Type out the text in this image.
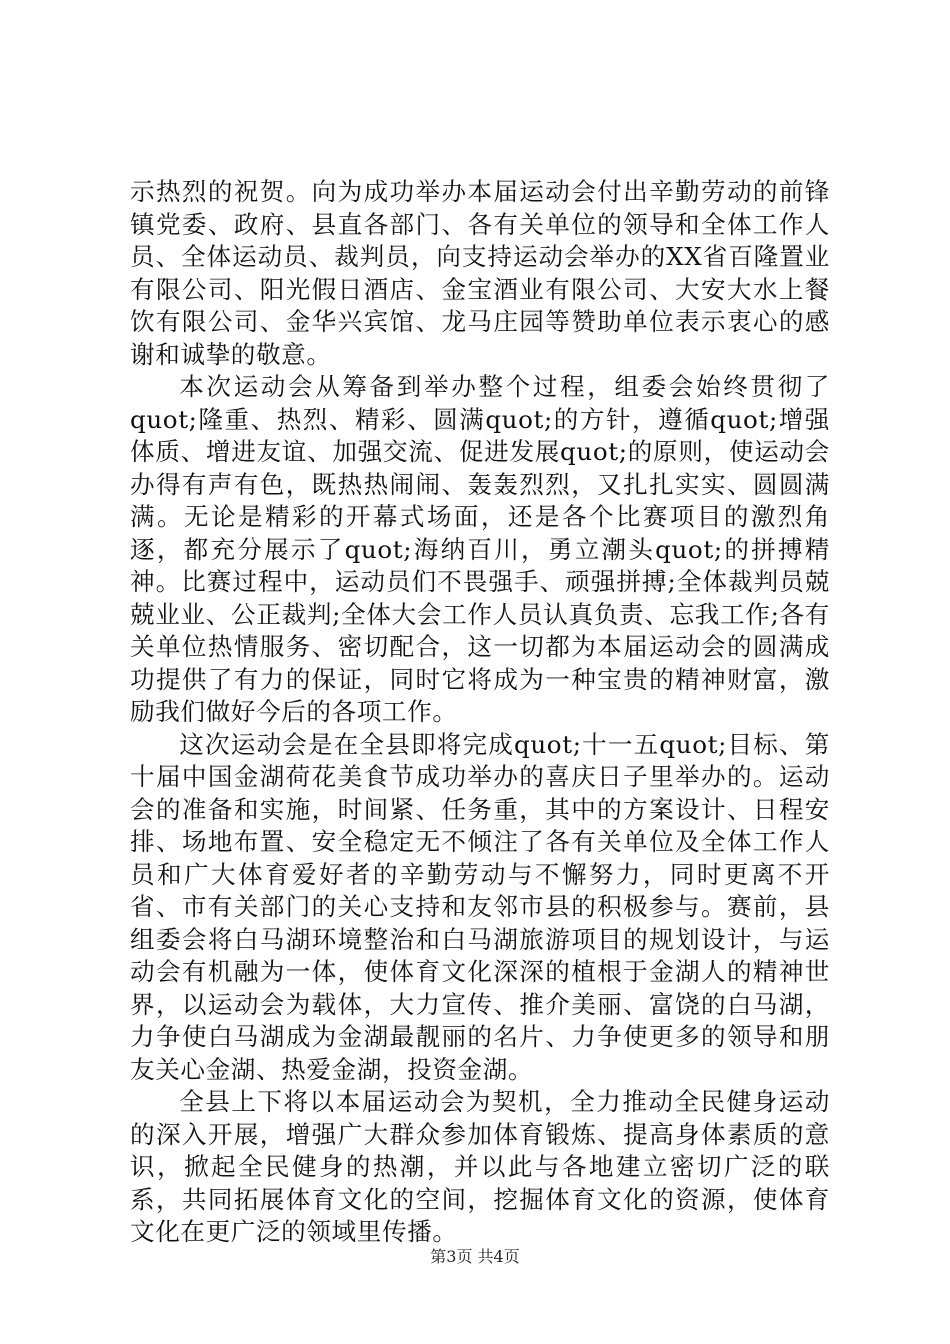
示热烈的祝贺。向为成功举办本届运动会付出辛勤劳动的前锋镇党委、政府、县直各部门、各有关单位的领导和全体工作人员、全体运动员、裁判员，向支持运动会举办的XX省百隆置业有限公司、阳光假日酒店、金宝酒业有限公司、大安大水上餐饮有限公司、金华兴宾馆、龙马庄园等赞助单位表示衷心的感谢和诚挚的敬意。

本次运动会从筹备到举办整个过程，组委会始终贯彻了quot;隆重、热烈、精彩、圆满quot;的方针，遵循quot;增强体质、增进友谊、加强交流、促进发展quot;的原则，使运动会办得有声有色，既热热闹闹、轰轰烈烈，又扎扎实实、圆圆满满。无论是精彩的开幕式场面，还是各个比赛项目的激烈角逐，都充分展示了quot;海纳百川，勇立潮头quot;的拼搏精神。比赛过程中，运动员们不畏强手、顽强拼搏;全体裁判员兢兢业业、公正裁判;全体大会工作人员认真负责、忘我工作;各有关单位热情服务、密切配合，这一切都为本届运动会的圆满成功提供了有力的保证，同时它将成为一种宝贵的精神财富，激励我们做好今后的各项工作。

这次运动会是在全县即将完成quot;十一五quot;目标、第十届中国金湖荷花美食节成功举办的喜庆日子里举办的。运动会的准备和实施，时间紧、任务重，其中的方案设计、日程安排、场地布置、安全稳定无不倾注了各有关单位及全体工作人员和广大体育爱好者的辛勤劳动与不懈努力，同时更离不开省、市有关部门的关心支持和友邻市县的积极参与。赛前，县组委会将白马湖环境整治和白马湖旅游项目的规划设计，与运动会有机融为一体，使体育文化深深的植根于金湖人的精神世界，以运动会为载体，大力宣传、推介美丽、富饶的白马湖，力争使白马湖成为金湖最靓丽的名片、力争使更多的领导和朋友关心金湖、热爱金湖，投资金湖。

全县上下将以本届运动会为契机，全力推动全民健身运动的深入开展，增强广大群众参加体育锻炼、提高身体素质的意识，掀起全民健身的热潮，并以此与各地建立密切广泛的联系，共同拓展体育文化的空间，挖掘体育文化的资源，使体育文化在更广泛的领域里传播。

第3页 共4页
